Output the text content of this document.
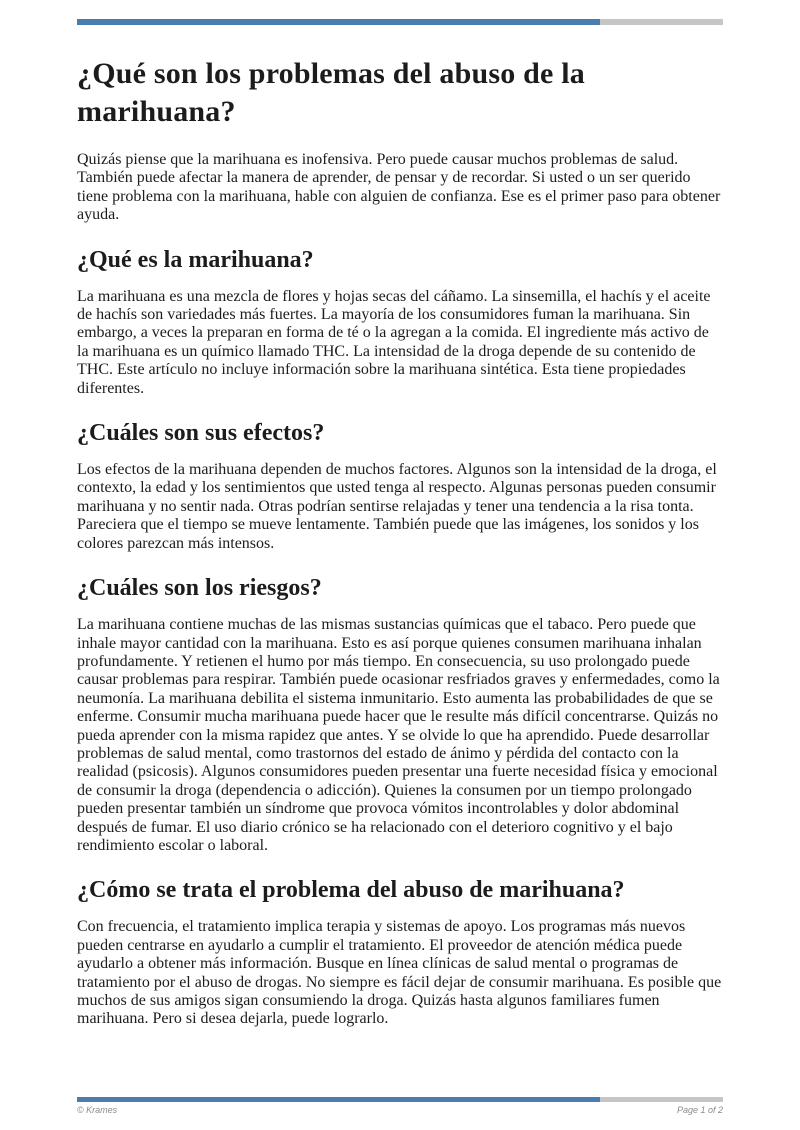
¿Qué son los problemas del abuso de la marihuana?

Quizás piense que la marihuana es inofensiva. Pero puede causar muchos problemas de salud. También puede afectar la manera de aprender, de pensar y de recordar. Si usted o un ser querido tiene problema con la marihuana, hable con alguien de confianza. Ese es el primer paso para obtener ayuda.

¿Qué es la marihuana?

La marihuana es una mezcla de flores y hojas secas del cáñamo. La sinsemilla, el hachís y el aceite de hachís son variedades más fuertes. La mayoría de los consumidores fuman la marihuana. Sin embargo, a veces la preparan en forma de té o la agregan a la comida. El ingrediente más activo de la marihuana es un químico llamado THC. La intensidad de la droga depende de su contenido de THC. Este artículo no incluye información sobre la marihuana sintética. Esta tiene propiedades diferentes.

¿Cuáles son sus efectos?

Los efectos de la marihuana dependen de muchos factores. Algunos son la intensidad de la droga, el contexto, la edad y los sentimientos que usted tenga al respecto. Algunas personas pueden consumir marihuana y no sentir nada. Otras podrían sentirse relajadas y tener una tendencia a la risa tonta. Pareciera que el tiempo se mueve lentamente. También puede que las imágenes, los sonidos y los colores parezcan más intensos.

¿Cuáles son los riesgos?

La marihuana contiene muchas de las mismas sustancias químicas que el tabaco. Pero puede que inhale mayor cantidad con la marihuana. Esto es así porque quienes consumen marihuana inhalan profundamente. Y retienen el humo por más tiempo. En consecuencia, su uso prolongado puede causar problemas para respirar. También puede ocasionar resfriados graves y enfermedades, como la neumonía. La marihuana debilita el sistema inmunitario. Esto aumenta las probabilidades de que se enferme. Consumir mucha marihuana puede hacer que le resulte más difícil concentrarse. Quizás no pueda aprender con la misma rapidez que antes. Y se olvide lo que ha aprendido. Puede desarrollar problemas de salud mental, como trastornos del estado de ánimo y pérdida del contacto con la realidad (psicosis). Algunos consumidores pueden presentar una fuerte necesidad física y emocional de consumir la droga (dependencia o adicción). Quienes la consumen por un tiempo prolongado pueden presentar también un síndrome que provoca vómitos incontrolables y dolor abdominal después de fumar. El uso diario crónico se ha relacionado con el deterioro cognitivo y el bajo rendimiento escolar o laboral.

¿Cómo se trata el problema del abuso de marihuana?

Con frecuencia, el tratamiento implica terapia y sistemas de apoyo. Los programas más nuevos pueden centrarse en ayudarlo a cumplir el tratamiento. El proveedor de atención médica puede ayudarlo a obtener más información. Busque en línea clínicas de salud mental o programas de tratamiento por el abuso de drogas. No siempre es fácil dejar de consumir marihuana. Es posible que muchos de sus amigos sigan consumiendo la droga. Quizás hasta algunos familiares fumen marihuana. Pero si desea dejarla, puede lograrlo.

© Krames	Page 1 of 2
